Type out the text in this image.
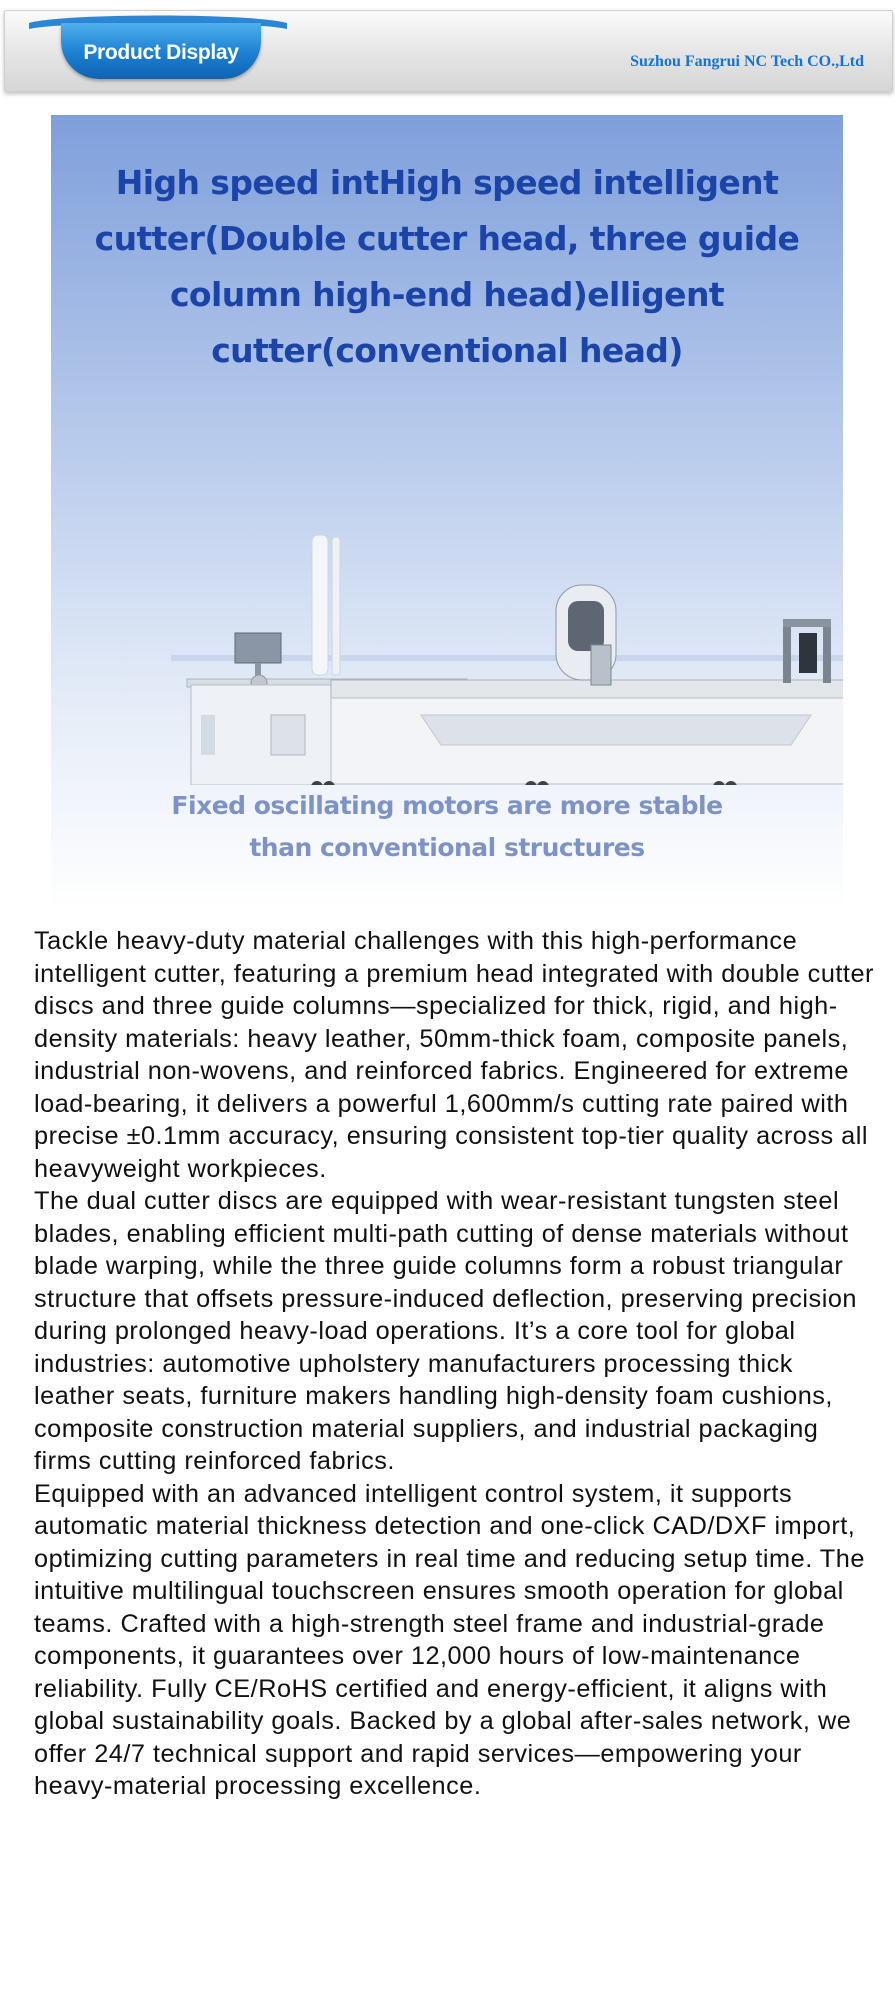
Product Display	Suzhou Fangrui NC Tech CO.,Ltd
High speed intHigh speed intelligent
cutter(Double cutter head, three guide
column high-end head)elligent
cutter(conventional head)
Fixed oscillating motors are more stable
than conventional structures

Tackle heavy-duty material challenges with this high-performance intelligent cutter, featuring a premium head integrated with double cutter discs and three guide columns—specialized for thick, rigid, and high-density materials: heavy leather, 50mm-thick foam, composite panels, industrial non-wovens, and reinforced fabrics. Engineered for extreme load-bearing, it delivers a powerful 1,600mm/s cutting rate paired with precise ±0.1mm accuracy, ensuring consistent top-tier quality across all heavyweight workpieces.

The dual cutter discs are equipped with wear-resistant tungsten steel blades, enabling efficient multi-path cutting of dense materials without blade warping, while the three guide columns form a robust triangular structure that offsets pressure-induced deflection, preserving precision during prolonged heavy-load operations. It’s a core tool for global industries: automotive upholstery manufacturers processing thick leather seats, furniture makers handling high-density foam cushions, composite construction material suppliers, and industrial packaging firms cutting reinforced fabrics.

Equipped with an advanced intelligent control system, it supports automatic material thickness detection and one-click CAD/DXF import, optimizing cutting parameters in real time and reducing setup time. The intuitive multilingual touchscreen ensures smooth operation for global teams. Crafted with a high-strength steel frame and industrial-grade components, it guarantees over 12,000 hours of low-maintenance reliability. Fully CE/RoHS certified and energy-efficient, it aligns with global sustainability goals. Backed by a global after-sales network, we offer 24/7 technical support and rapid services—empowering your heavy-material processing excellence.
